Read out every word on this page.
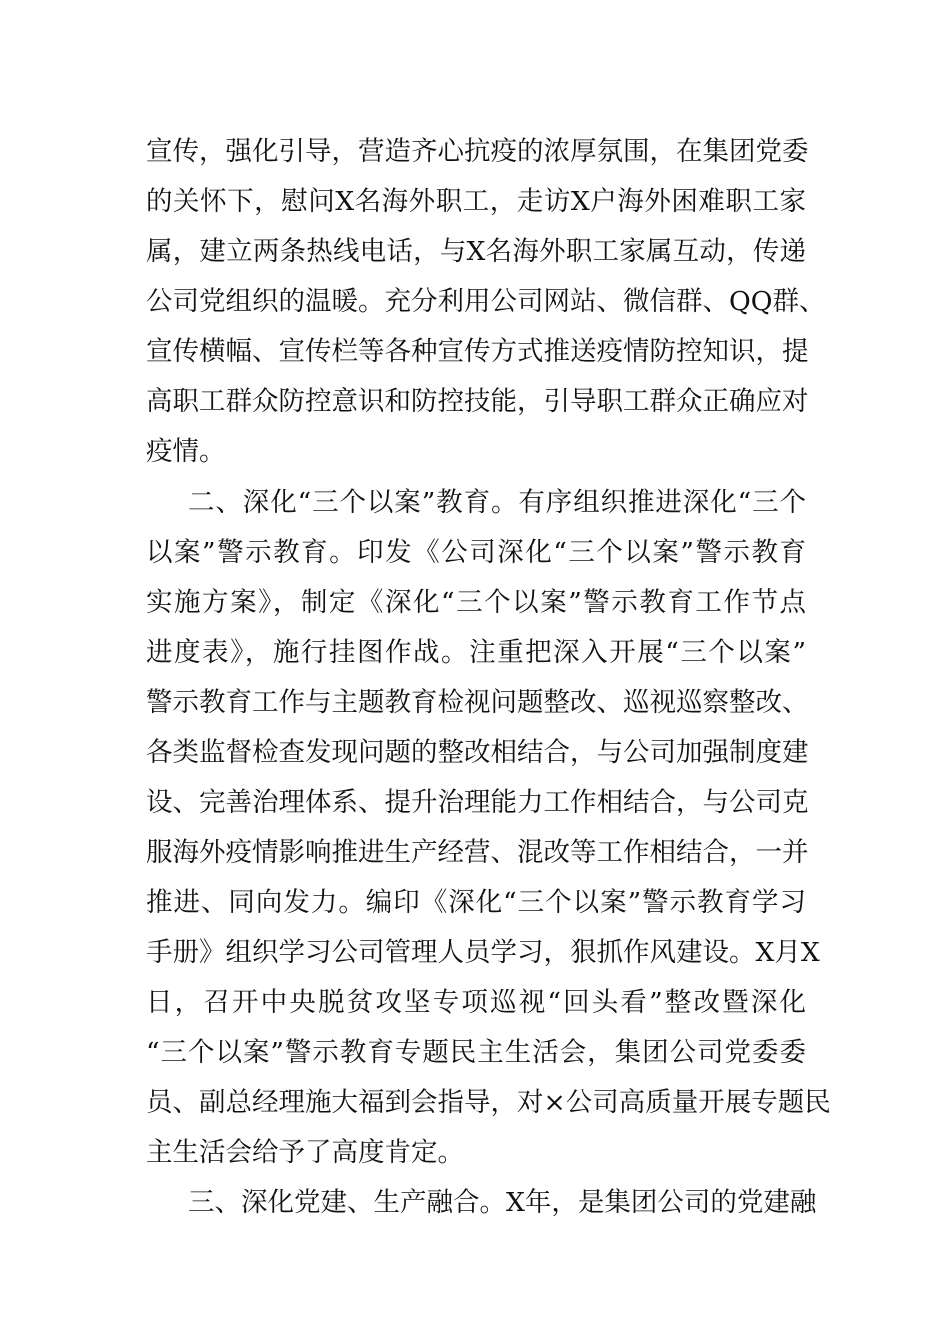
宣传，强化引导，营造齐心抗疫的浓厚氛围，在集团党委
的关怀下，慰问X名海外职工，走访X户海外困难职工家
属，建立两条热线电话，与X名海外职工家属互动，传递
公司党组织的温暖。充分利用公司网站、微信群、QQ群、
宣传横幅、宣传栏等各种宣传方式推送疫情防控知识，提
高职工群众防控意识和防控技能，引导职工群众正确应对
疫情。
二、深化“三个以案”教育。有序组织推进深化“三个
以案”警示教育。印发《公司深化“三个以案”警示教育
实施方案》，制定《深化“三个以案”警示教育工作节点
进度表》，施行挂图作战。注重把深入开展“三个以案”
警示教育工作与主题教育检视问题整改、巡视巡察整改、
各类监督检查发现问题的整改相结合，与公司加强制度建
设、完善治理体系、提升治理能力工作相结合，与公司克
服海外疫情影响推进生产经营、混改等工作相结合，一并
推进、同向发力。编印《深化“三个以案”警示教育学习
手册》组织学习公司管理人员学习，狠抓作风建设。X月X
日，召开中央脱贫攻坚专项巡视“回头看”整改暨深化
“三个以案”警示教育专题民主生活会，集团公司党委委
员、副总经理施大福到会指导，对×公司高质量开展专题民
主生活会给予了高度肯定。
三、深化党建、生产融合。X年，是集团公司的党建融
